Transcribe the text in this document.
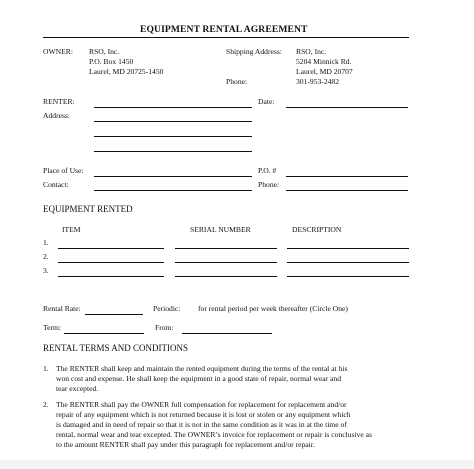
EQUIPMENT RENTAL AGREEMENT
OWNER: RSO, Inc.
P.O. Box 1450
Laurel, MD 20725-1450
Shipping Address: RSO, Inc.
5204 Minnick Rd.
Laurel, MD 20707
Phone:	301-953-2482
RENTER:	Date:
Address:
Place of Use:	P.O. #
Contact:	Phone:
EQUIPMENT RENTED
ITEM	SERIAL NUMBER	DESCRIPTION
1.
2.
3.
Rental Rate:	Periodic: for rental period per week thereafter (Circle One)
Term:	From:
RENTAL TERMS AND CONDITIONS
1. The RENTER shall keep and maintain the rented equipment during the terms of the rental at his
won cost and expense. He shall keep the equipment in a good state of repair, normal wear and
tear excepted.
2. The RENTER shall pay the OWNER full compensation for replacement for replacement and/or
repair of any equipment which is not returned because it is lost or stolen or any equipment which
is damaged and in need of repair so that it is not in the same condition as it was in at the time of
rental, normal wear and tear excepted. The OWNER’s invoice for replacement or repair is conclusive as
to the amount RENTER shall pay under this paragraph for replacement and/or repair.
